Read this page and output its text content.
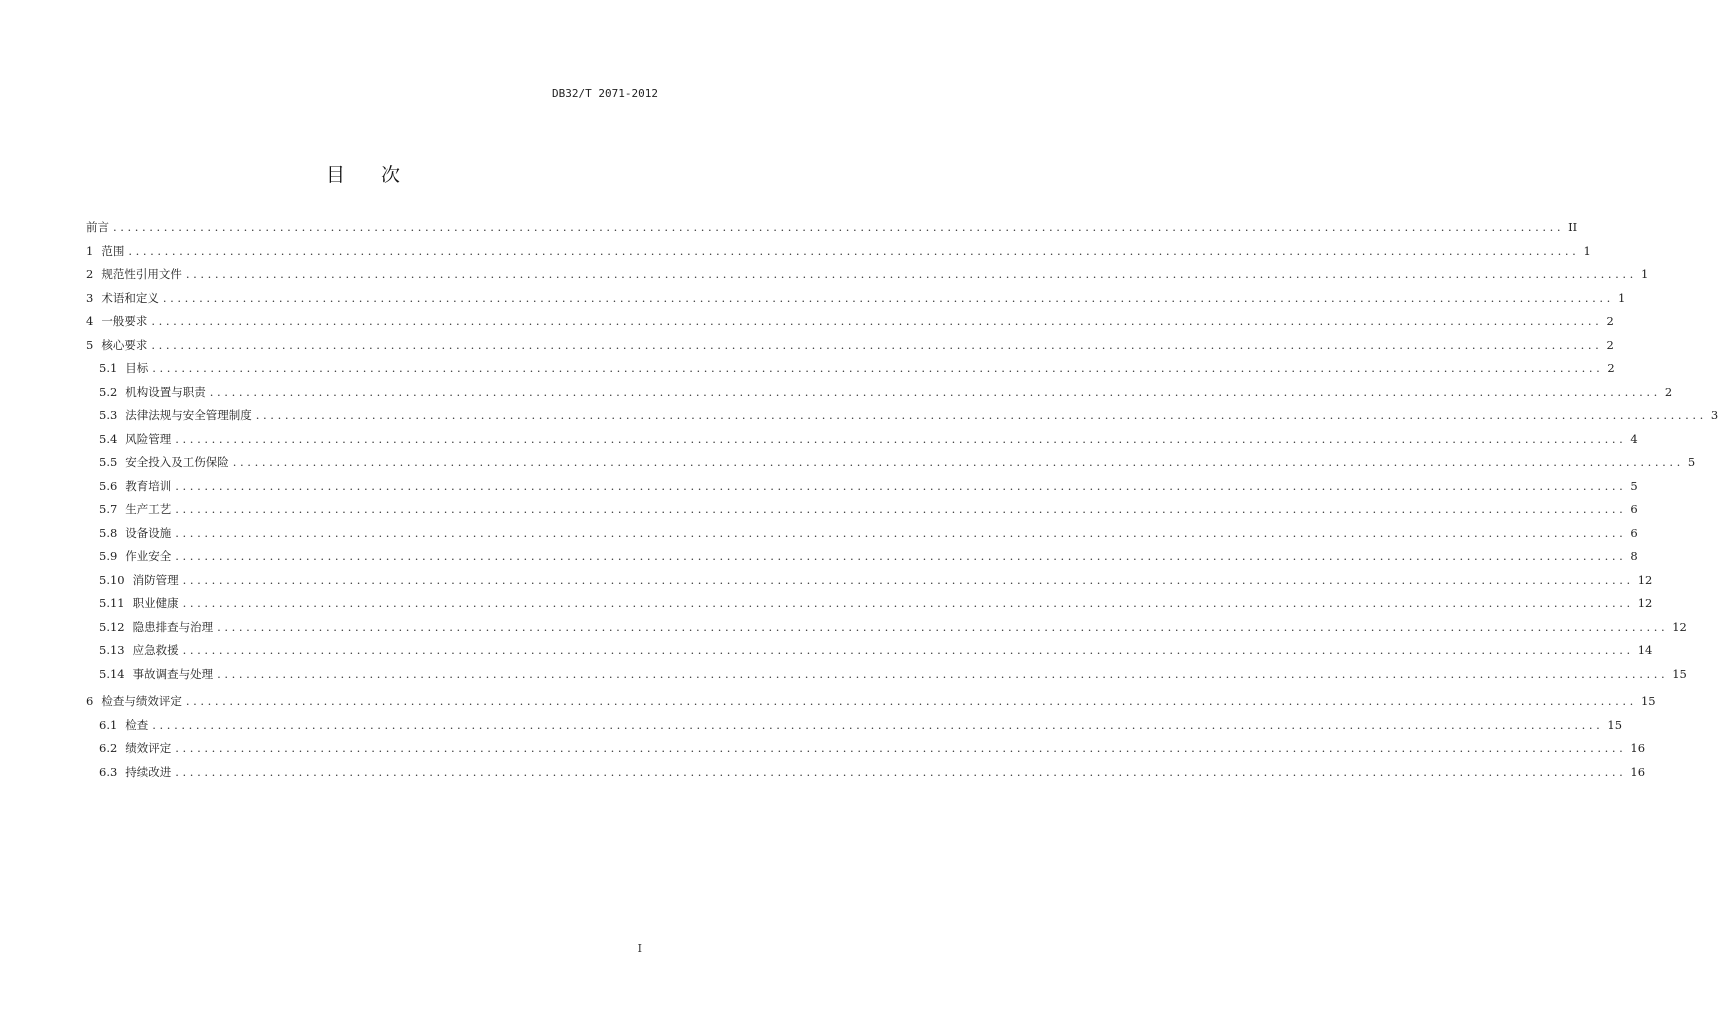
DB32/T 2071-2012
目次
前言 ........................................................................................................................................................................................................ II
1 范围 ........................................................................................................................................................................................................ 1
2 规范性引用文件 ........................................................................................................................................................................................................ 1
3 术语和定义 ........................................................................................................................................................................................................ 1
4 一般要求 ........................................................................................................................................................................................................ 2
5 核心要求 ........................................................................................................................................................................................................ 2
5.1 目标 ........................................................................................................................................................................................................ 2
5.2 机构设置与职责 ........................................................................................................................................................................................................ 2
5.3 法律法规与安全管理制度 ........................................................................................................................................................................................................ 3
5.4 风险管理 ........................................................................................................................................................................................................ 4
5.5 安全投入及工伤保险 ........................................................................................................................................................................................................ 5
5.6 教育培训 ........................................................................................................................................................................................................ 5
5.7 生产工艺 ........................................................................................................................................................................................................ 6
5.8 设备设施 ........................................................................................................................................................................................................ 6
5.9 作业安全 ........................................................................................................................................................................................................ 8
5.10 消防管理 ........................................................................................................................................................................................................ 12
5.11 职业健康 ........................................................................................................................................................................................................ 12
5.12 隐患排查与治理 ........................................................................................................................................................................................................ 12
5.13 应急救援 ........................................................................................................................................................................................................ 14
5.14 事故调查与处理 ........................................................................................................................................................................................................ 15
6 检查与绩效评定 ........................................................................................................................................................................................................ 15
6.1 检查 ........................................................................................................................................................................................................ 15
6.2 绩效评定 ........................................................................................................................................................................................................ 16
6.3 持续改进 ........................................................................................................................................................................................................ 16
I
